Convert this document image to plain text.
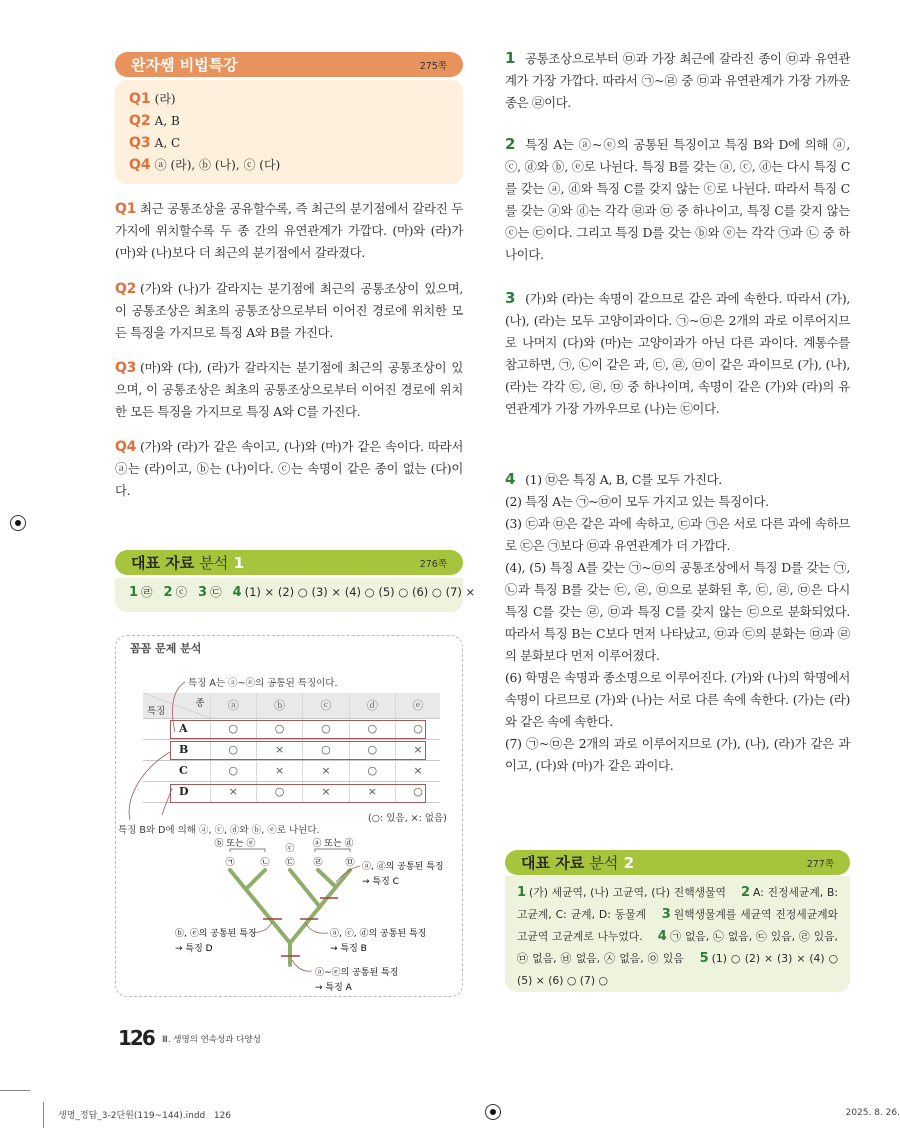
완자쌤 비법특강	275쪽
Q1 (라)
Q2 A, B
Q3 A, C
Q4 ⓐ (라), ⓑ (나), ⓒ (다)
Q1 최근 공통조상을 공유할수록, 즉 최근의 분기점에서 갈라진 두 가지에 위치할수록 두 종 간의 유연관계가 가깝다. (마)와 (라)가 (마)와 (나)보다 더 최근의 분기점에서 갈라졌다.
Q2 (가)와 (나)가 갈라지는 분기점에 최근의 공통조상이 있으며, 이 공통조상은 최초의 공통조상으로부터 이어진 경로에 위치한 모든 특징을 가지므로 특징 A와 B를 가진다.
Q3 (마)와 (다), (라)가 갈라지는 분기점에 최근의 공통조상이 있으며, 이 공통조상은 최초의 공통조상으로부터 이어진 경로에 위치한 모든 특징을 가지므로 특징 A와 C를 가진다.
Q4 (가)와 (라)가 같은 속이고, (나)와 (마)가 같은 속이다. 따라서 ⓐ는 (라)이고, ⓑ는 (나)이다. ⓒ는 속명이 같은 종이 없는 (다)이다.
대표 자료 분석 1	276쪽
1 ㉣ 2 ⓒ 3 ㉢ 4 (1) × (2) ○ (3) × (4) ○ (5) ○ (6) ○ (7) ×
꼼꼼 문제 분석
특징 A는 ⓐ~ⓔ의 공통된 특징이다.
특징
종	ⓐ	ⓑ	ⓒ	ⓓ	ⓔ
A	○	○	○	○	○
B	○	×	○	○	×
C	○	×	×	○	×
D	×	○	×	×	○
(○: 있음, ×: 없음)
특징 B와 D에 의해 ⓐ, ⓒ, ⓓ와 ⓑ, ⓔ로 나뉜다.
ⓑ 또는 ⓔ	ⓒ ⓐ 또는 ⓓ
㉠	㉡ ㉢ ㉣	㉤ ⓐ, ⓓ의 공통된 특징
→ 특징 C
ⓑ, ⓔ의 공통된 특징
→ 특징 D
ⓐ, ⓒ, ⓓ의 공통된 특징
→ 특징 B
ⓐ~ⓔ의 공통된 특징
→ 특징 A
1 공통조상으로부터 ㉤과 가장 최근에 갈라진 종이 ㉤과 유연관계가 가장 가깝다. 따라서 ㉠~㉣ 중 ㉤과 유연관계가 가장 가까운 종은 ㉣이다.
2 특징 A는 ⓐ~ⓔ의 공통된 특징이고 특징 B와 D에 의해 ⓐ, ⓒ, ⓓ와 ⓑ, ⓔ로 나뉜다. 특징 B를 갖는 ⓐ, ⓒ, ⓓ는 다시 특징 C를 갖는 ⓐ, ⓓ와 특징 C를 갖지 않는 ⓒ로 나뉜다. 따라서 특징 C를 갖는 ⓐ와 ⓓ는 각각 ㉣과 ㉤ 중 하나이고, 특징 C를 갖지 않는 ⓒ는 ㉢이다. 그리고 특징 D를 갖는 ⓑ와 ⓔ는 각각 ㉠과 ㉡ 중 하나이다.
3 (가)와 (라)는 속명이 같으므로 같은 과에 속한다. 따라서 (가), (나), (라)는 모두 고양이과이다. ㉠~㉤은 2개의 과로 이루어지므로 나머지 (다)와 (마)는 고양이과가 아닌 다른 과이다. 계통수를 참고하면, ㉠, ㉡이 같은 과, ㉢, ㉣, ㉤이 같은 과이므로 (가), (나), (라)는 각각 ㉢, ㉣, ㉤ 중 하나이며, 속명이 같은 (가)와 (라)의 유연관계가 가장 가까우므로 (나)는 ㉢이다.
4 (1) ㉤은 특징 A, B, C를 모두 가진다.
(2) 특징 A는 ㉠~㉤이 모두 가지고 있는 특징이다.
(3) ㉢과 ㉤은 같은 과에 속하고, ㉢과 ㉠은 서로 다른 과에 속하므로 ㉢은 ㉠보다 ㉤과 유연관계가 더 가깝다.
(4), (5) 특징 A를 갖는 ㉠~㉤의 공통조상에서 특징 D를 갖는 ㉠, ㉡과 특징 B를 갖는 ㉢, ㉣, ㉤으로 분화된 후, ㉢, ㉣, ㉤은 다시 특징 C를 갖는 ㉣, ㉤과 특징 C를 갖지 않는 ㉢으로 분화되었다. 따라서 특징 B는 C보다 먼저 나타났고, ㉤과 ㉢의 분화는 ㉤과 ㉣의 분화보다 먼저 이루어졌다.
(6) 학명은 속명과 종소명으로 이루어진다. (가)와 (나)의 학명에서 속명이 다르므로 (가)와 (나)는 서로 다른 속에 속한다. (가)는 (라)와 같은 속에 속한다.
(7) ㉠~㉤은 2개의 과로 이루어지므로 (가), (나), (라)가 같은 과이고, (다)와 (마)가 같은 과이다.
대표 자료 분석 2	277쪽
1 (가) 세균역, (나) 고균역, (다) 진핵생물역 2 A: 진정세균계, B: 고균계, C: 균계, D: 동물계 3 원핵생물계를 세균역 진정세균계와 고균역 고균계로 나누었다. 4 ㉠ 없음, ㉡ 없음, ㉢ 있음, ㉣ 있음, ㉤ 없음, ㉥ 없음, ㉦ 없음, ㉧ 있음 5 (1) ○ (2) × (3) × (4) ○ (5) × (6) ○ (7) ○
126 Ⅲ. 생명의 연속성과 다양성
생명_정답_3-2단원(119~144).indd   126	2025. 8. 26.
